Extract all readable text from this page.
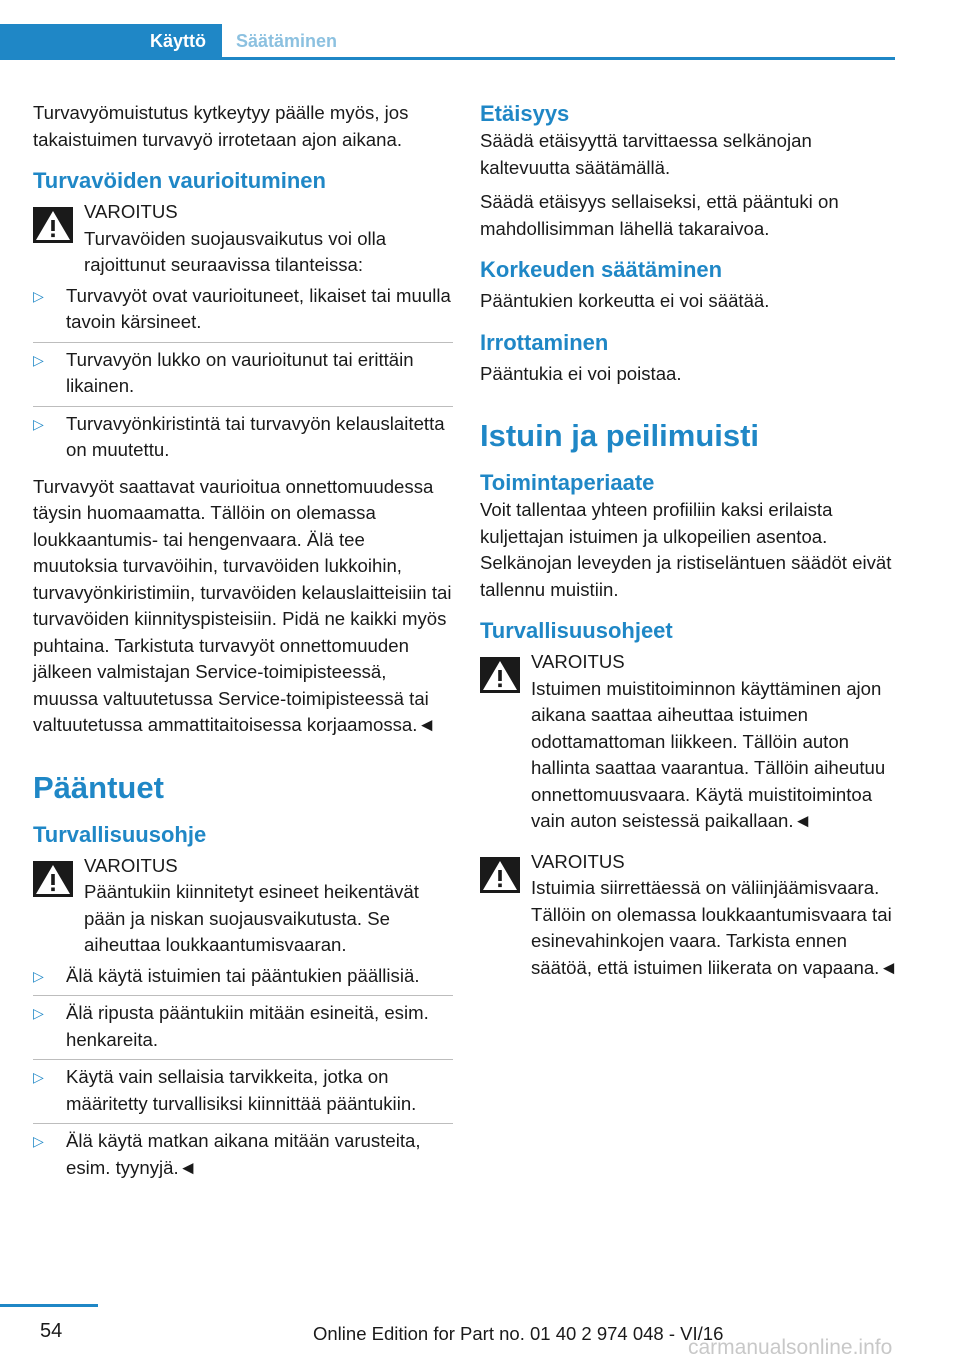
Käyttö Säätäminen

Turvavyömuistutus kytkeytyy päälle myös, jos takaistuimen turvavyö irrotetaan ajon aikana.

Turvavöiden vaurioituminen
VAROITUS

Turvavöiden suojausvaikutus voi olla rajoittunut seuraavissa tilanteissa:

▷ Turvavyöt ovat vaurioituneet, likaiset tai muulla tavoin kärsineet.
▷ Turvavyön lukko on vaurioitunut tai erittäin likainen.
▷ Turvavyönkiristintä tai turvavyön kelauslaitetta on muutettu.

Turvavyöt saattavat vaurioitua onnettomuudessa täysin huomaamatta. Tällöin on olemassa loukkaantumis- tai hengenvaara. Älä tee muutoksia turvavöihin, turvavöiden lukkoihin, turvavyönkiristimiin, turvavöiden kelauslaitteisiin tai turvavöiden kiinnityspisteisiin. Pidä ne kaikki myös puhtaina. Tarkistuta turvavyöt onnettomuuden jälkeen valmistajan Service-toimipisteessä, muussa valtuutetussa Service-toimipisteessä tai valtuutetussa ammattitaitoisessa korjaamossa.◄

Pääntuet
Turvallisuusohje
VAROITUS

Pääntukiin kiinnitetyt esineet heikentävät pään ja niskan suojausvaikutusta. Se aiheuttaa loukkaantumisvaaran.

▷ Älä käytä istuimien tai pääntukien päällisiä.
▷ Älä ripusta pääntukiin mitään esineitä, esim. henkareita.
▷ Käytä vain sellaisia tarvikkeita, jotka on määritetty turvallisiksi kiinnittää pääntukiin.
▷ Älä käytä matkan aikana mitään varusteita, esim. tyynyjä.◄
Etäisyys

Säädä etäisyyttä tarvittaessa selkänojan kaltevuutta säätämällä.

Säädä etäisyys sellaiseksi, että pääntuki on mahdollisimman lähellä takaraivoa.

Korkeuden säätäminen

Pääntukien korkeutta ei voi säätää.

Irrottaminen

Pääntukia ei voi poistaa.

Istuin ja peilimuisti
Toimintaperiaate

Voit tallentaa yhteen profiiliin kaksi erilaista kuljettajan istuimen ja ulkopeilien asentoa. Selkänojan leveyden ja ristiseläntuen säädöt eivät tallennu muistiin.

Turvallisuusohjeet
VAROITUS

Istuimen muistitoiminnon käyttäminen ajon aikana saattaa aiheuttaa istuimen odottamattoman liikkeen. Tällöin auton hallinta saattaa vaarantua. Tällöin aiheutuu onnettomuusvaara. Käytä muistitoimintoa vain auton seistessä paikallaan.◄

VAROITUS

Istuimia siirrettäessä on väliinjäämisvaara. Tällöin on olemassa loukkaantumisvaara tai esinevahinkojen vaara. Tarkista ennen säätöä, että istuimen liikerata on vapaana.◄

54	Online Edition for Part no. 01 40 2 974 048 - VI/16
carmanualsonline.info
